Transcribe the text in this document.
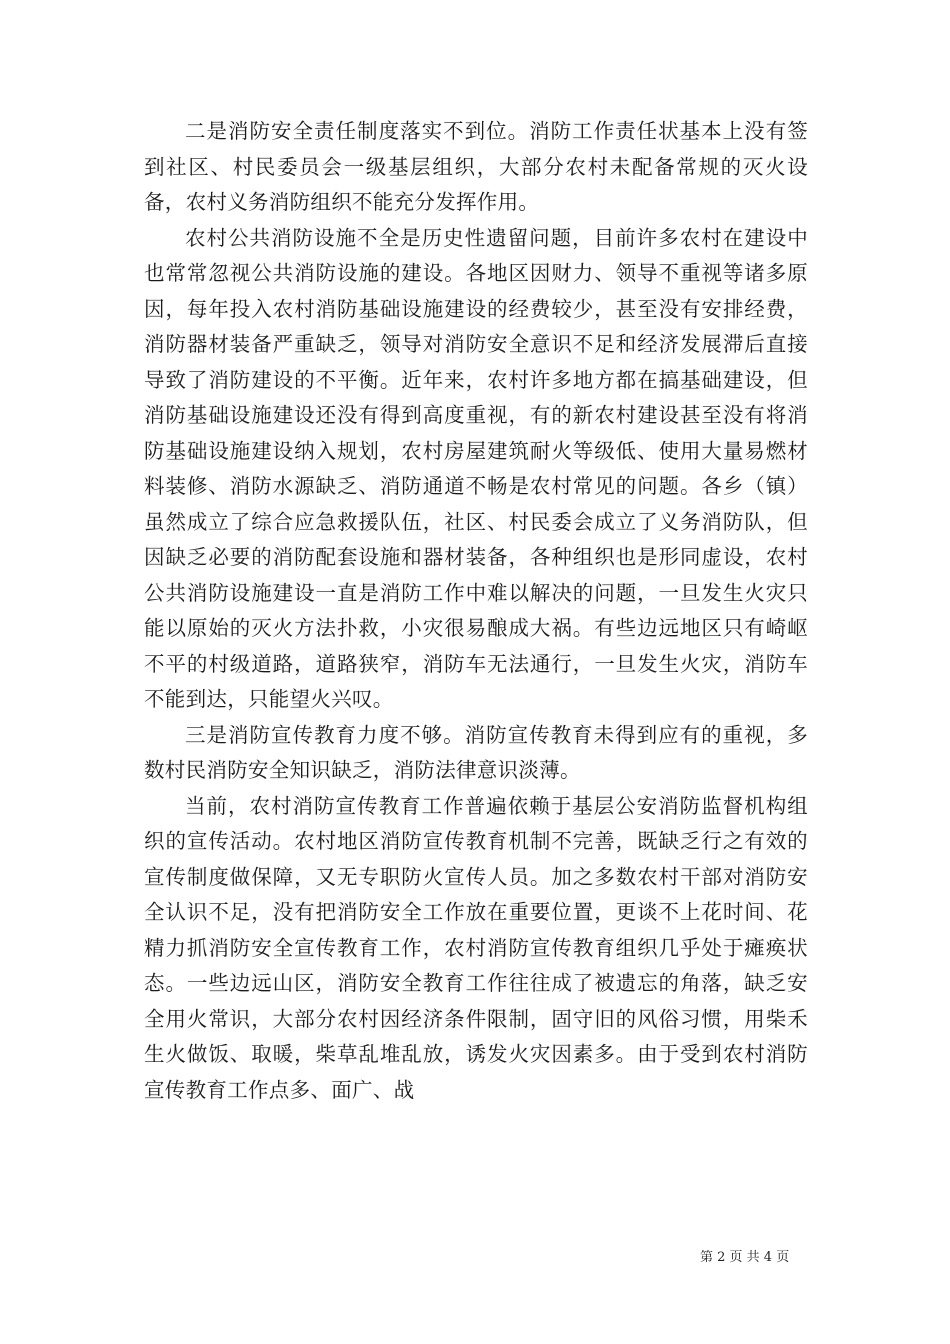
二是消防安全责任制度落实不到位。消防工作责任状基本上没有签到社区、村民委员会一级基层组织，大部分农村未配备常规的灭火设备，农村义务消防组织不能充分发挥作用。

农村公共消防设施不全是历史性遗留问题，目前许多农村在建设中也常常忽视公共消防设施的建设。各地区因财力、领导不重视等诸多原因，每年投入农村消防基础设施建设的经费较少，甚至没有安排经费，消防器材装备严重缺乏，领导对消防安全意识不足和经济发展滞后直接导致了消防建设的不平衡。近年来，农村许多地方都在搞基础建设，但消防基础设施建设还没有得到高度重视，有的新农村建设甚至没有将消防基础设施建设纳入规划，农村房屋建筑耐火等级低、使用大量易燃材料装修、消防水源缺乏、消防通道不畅是农村常见的问题。各乡（镇）虽然成立了综合应急救援队伍，社区、村民委会成立了义务消防队，但因缺乏必要的消防配套设施和器材装备，各种组织也是形同虚设，农村公共消防设施建设一直是消防工作中难以解决的问题，一旦发生火灾只能以原始的灭火方法扑救，小灾很易酿成大祸。有些边远地区只有崎岖不平的村级道路，道路狭窄，消防车无法通行，一旦发生火灾，消防车不能到达，只能望火兴叹。

三是消防宣传教育力度不够。消防宣传教育未得到应有的重视，多数村民消防安全知识缺乏，消防法律意识淡薄。

当前，农村消防宣传教育工作普遍依赖于基层公安消防监督机构组织的宣传活动。农村地区消防宣传教育机制不完善，既缺乏行之有效的宣传制度做保障，又无专职防火宣传人员。加之多数农村干部对消防安全认识不足，没有把消防安全工作放在重要位置，更谈不上花时间、花精力抓消防安全宣传教育工作，农村消防宣传教育组织几乎处于瘫痪状态。一些边远山区，消防安全教育工作往往成了被遗忘的角落，缺乏安全用火常识，大部分农村因经济条件限制，固守旧的风俗习惯，用柴禾生火做饭、取暖，柴草乱堆乱放，诱发火灾因素多。由于受到农村消防宣传教育工作点多、面广、战

第 2 页 共 4 页
